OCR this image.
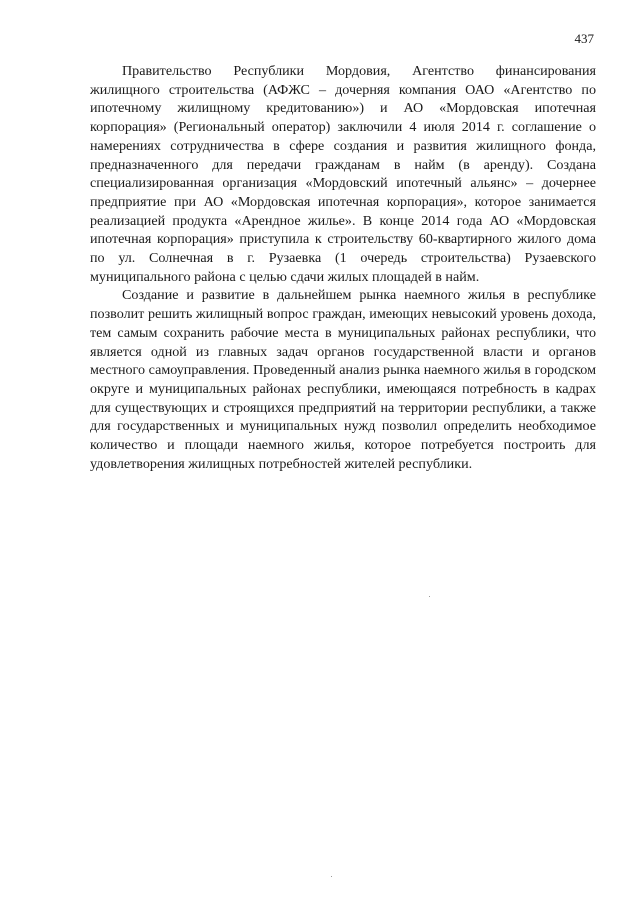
437

Правительство Республики Мордовия, Агентство финансирования жилищного строительства (АФЖС – дочерняя компания ОАО «Агентство по ипотечному жилищному кредитованию») и АО «Мордовская ипотечная корпорация» (Региональный оператор) заключили 4 июля 2014 г. соглашение о намерениях сотрудничества в сфере создания и развития жилищного фонда, предназначенного для передачи гражданам в найм (в аренду). Создана специализированная организация «Мордовский ипотечный альянс» – дочернее предприятие при АО «Мордовская ипотечная корпорация», которое занимается реализацией продукта «Арендное жилье». В конце 2014 года АО «Мордовская ипотечная корпорация» приступила к строительству 60-квартирного жилого дома по ул. Солнечная в г. Рузаевка (1 очередь строительства) Рузаевского муниципального района с целью сдачи жилых площадей в найм.

Создание и развитие в дальнейшем рынка наемного жилья в республике позволит решить жилищный вопрос граждан, имеющих невысокий уровень дохода, тем самым сохранить рабочие места в муниципальных районах республики, что является одной из главных задач органов государственной власти и органов местного самоуправления. Проведенный анализ рынка наемного жилья в городском округе и муниципальных районах республики, имеющаяся потребность в кадрах для существующих и строящихся предприятий на территории республики, а также для государственных и муниципальных нужд позволил определить необходимое количество и площади наемного жилья, которое потребуется построить для удовлетворения жилищных потребностей жителей республики.
